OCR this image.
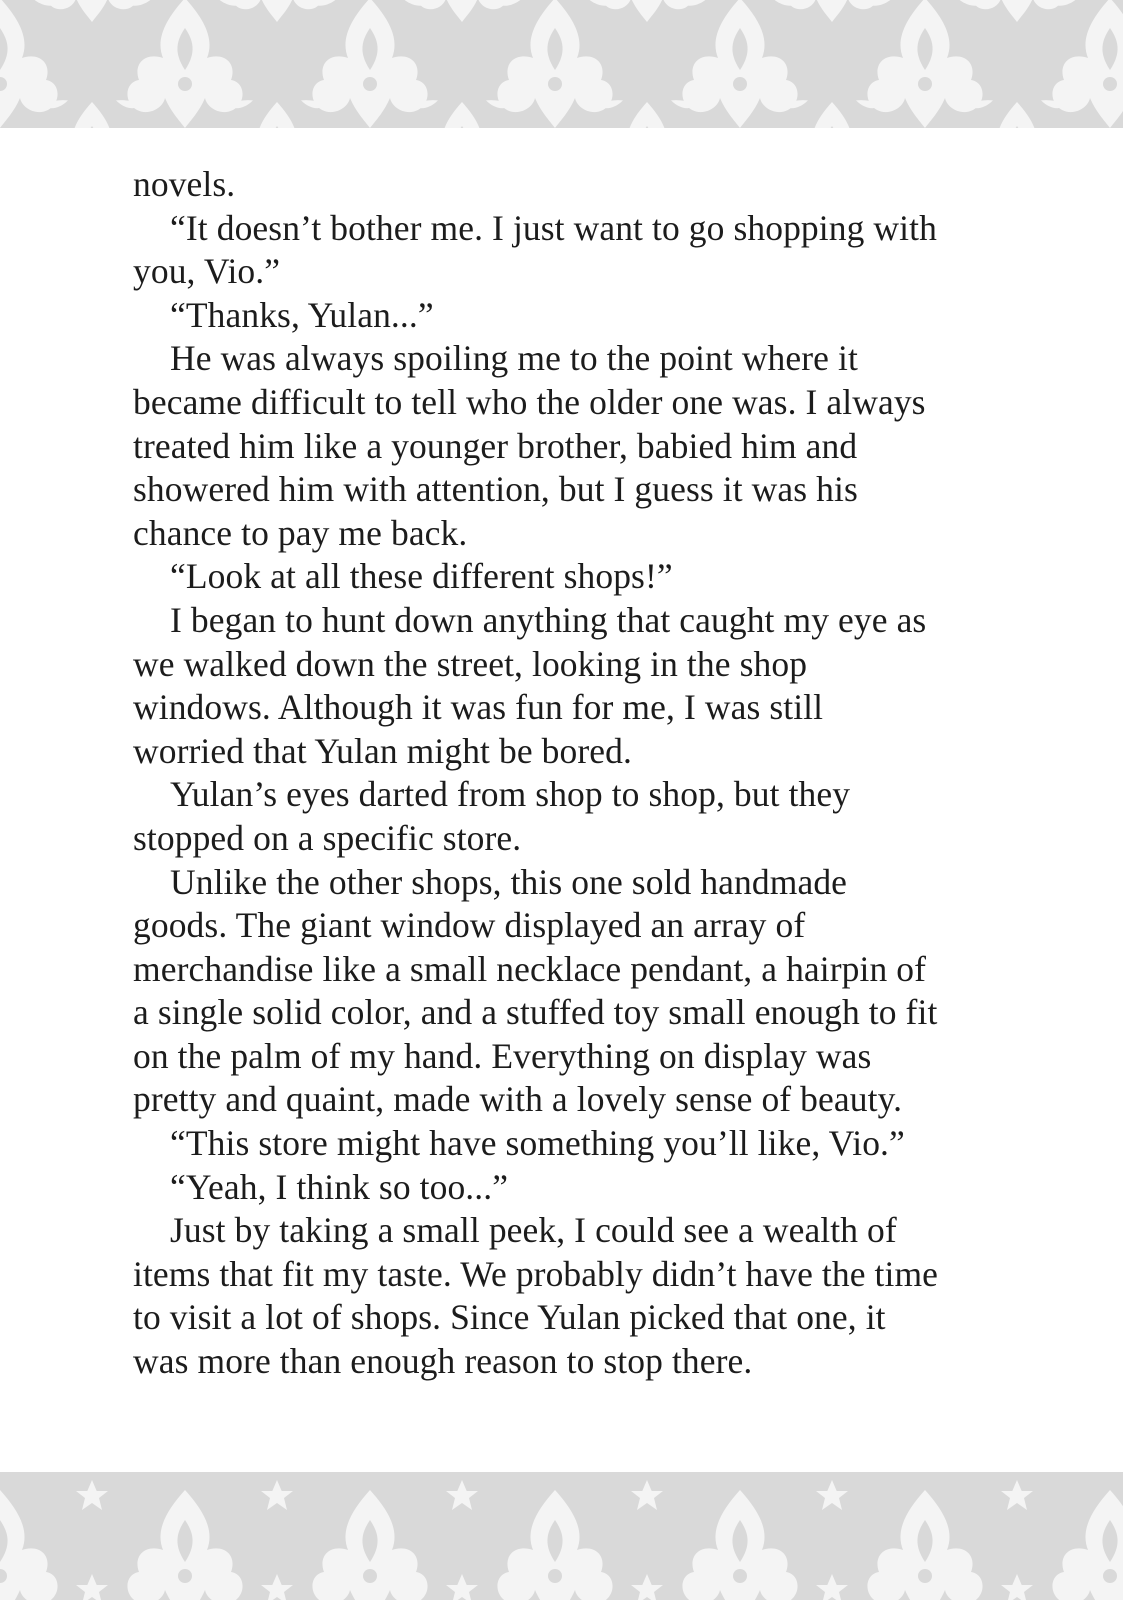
novels.

“It doesn’t bother me. I just want to go shopping with you, Vio.”

“Thanks, Yulan...”

He was always spoiling me to the point where it became difficult to tell who the older one was. I always treated him like a younger brother, babied him and showered him with attention, but I guess it was his chance to pay me back.

“Look at all these different shops!”

I began to hunt down anything that caught my eye as we walked down the street, looking in the shop windows. Although it was fun for me, I was still worried that Yulan might be bored.

Yulan’s eyes darted from shop to shop, but they stopped on a specific store.

Unlike the other shops, this one sold handmade goods. The giant window displayed an array of merchandise like a small necklace pendant, a hairpin of a single solid color, and a stuffed toy small enough to fit on the palm of my hand. Everything on display was pretty and quaint, made with a lovely sense of beauty.

“This store might have something you’ll like, Vio.”

“Yeah, I think so too...”

Just by taking a small peek, I could see a wealth of items that fit my taste. We probably didn’t have the time to visit a lot of shops. Since Yulan picked that one, it was more than enough reason to stop there.
